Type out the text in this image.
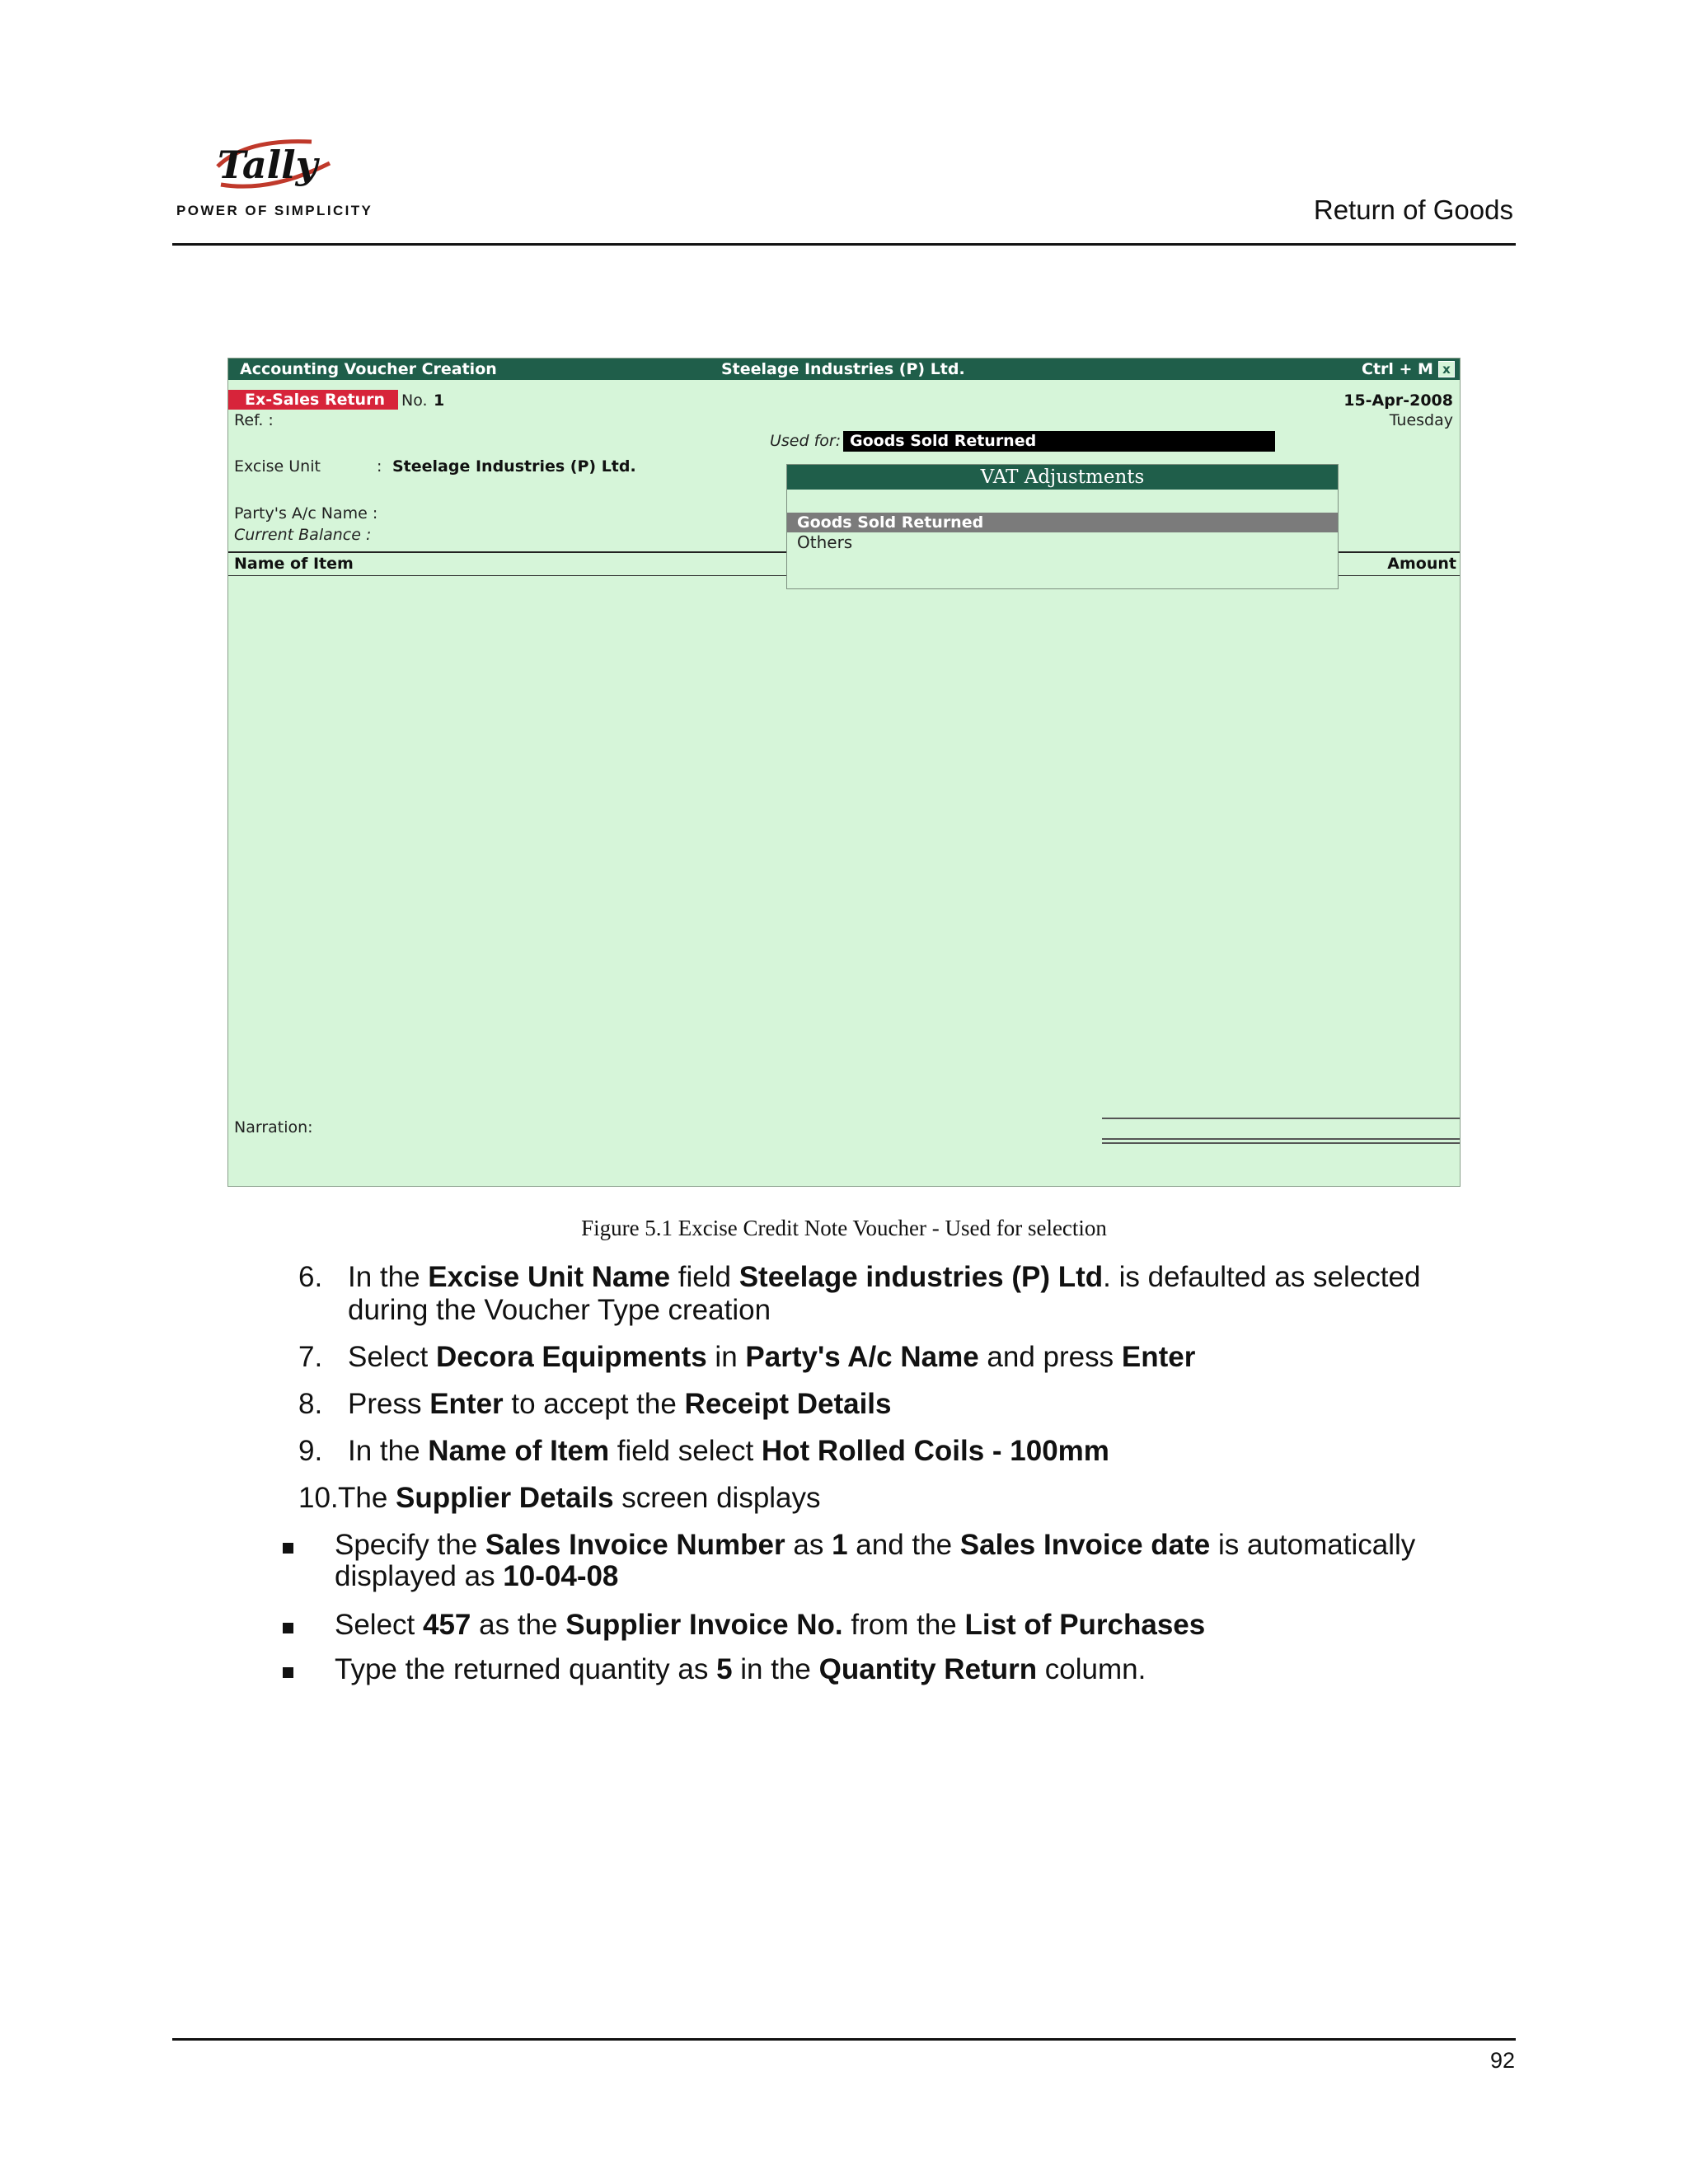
Tally
POWER OF SIMPLICITY	Return of Goods
Accounting Voucher Creation	Steelage Industries (P) Ltd.	Ctrl + M x
Ex-Sales Return	No. 1	15-Apr-2008
Tuesday
Ref. :
Used for: Goods Sold Returned
Excise Unit	: Steelage Industries (P) Ltd.
Party's A/c Name :
Current Balance :
Name of Item	Amount
VAT Adjustments
Goods Sold Returned
Others
Narration:
Figure 5.1 Excise Credit Note Voucher - Used for selection
6. In the Excise Unit Name field Steelage industries (P) Ltd. is defaulted as selected
during the Voucher Type creation
7. Select Decora Equipments in Party's A/c Name and press Enter
8. Press Enter to accept the Receipt Details
9. In the Name of Item field select Hot Rolled Coils - 100mm
10. The Supplier Details screen displays
Specify the Sales Invoice Number as 1 and the Sales Invoice date is automatically
displayed as 10-04-08
Select 457 as the Supplier Invoice No. from the List of Purchases
Type the returned quantity as 5 in the Quantity Return column.
92
